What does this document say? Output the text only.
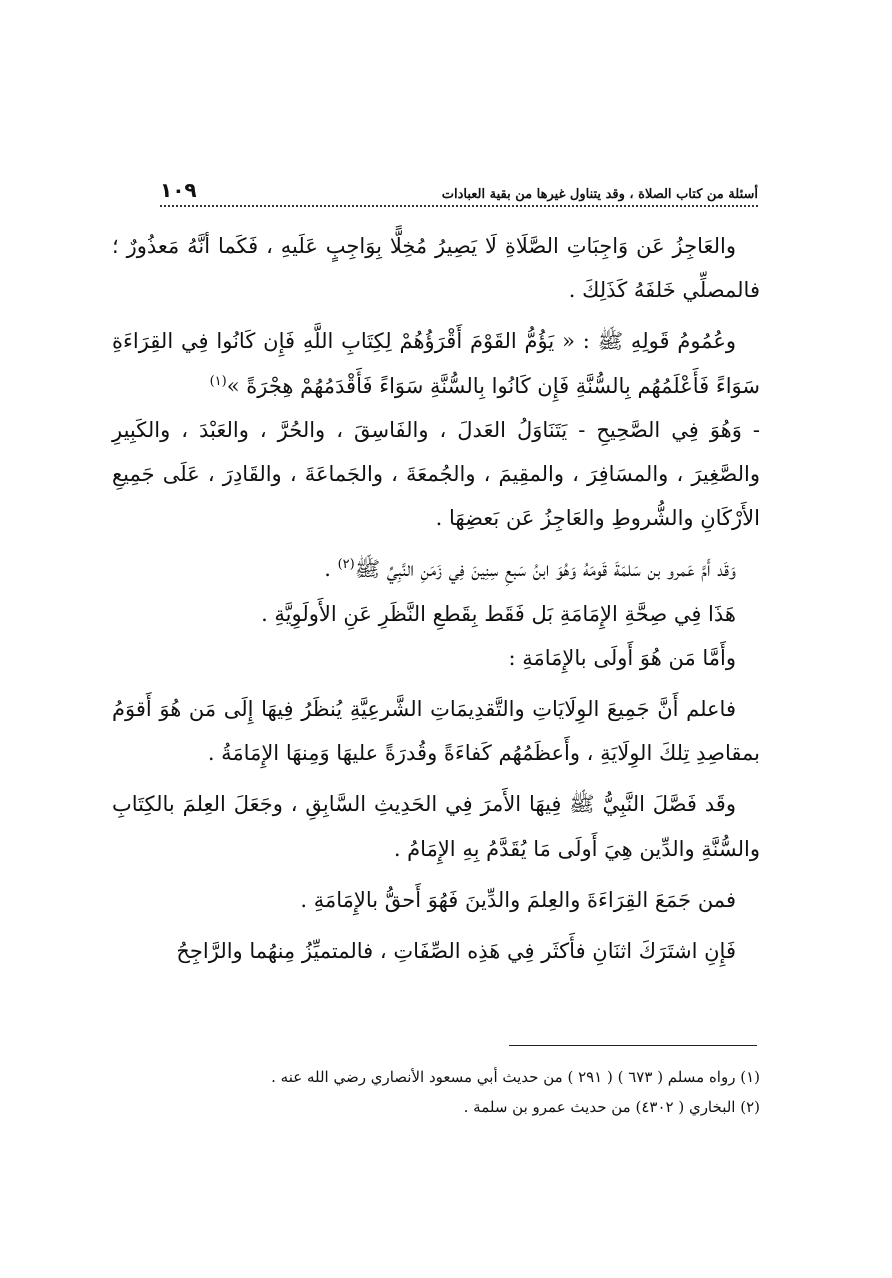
أسئلة من كتاب الصلاة ، وقد يتناول غيرها من بقية العبادات
١٠٩

والعَاجِزُ عَن وَاجِبَاتِ الصَّلَاةِ لَا يَصِيرُ مُخِلًّا بِوَاجِبٍ عَلَيهِ ، فَكَما أنَّهُ مَعذُورٌ ؛ فالمصلِّي خَلفَهُ كَذَلِكَ .

وعُمُومُ قَولِهِ ﷺ : « يَؤُمُّ القَوْمَ أَقْرَؤُهُمْ لِكِتَابِ اللَّهِ فَإِن كَانُوا فِي القِرَاءَةِ سَوَاءً فَأَعْلَمُهُم بِالسُّنَّةِ فَإِن كَانُوا بِالسُّنَّةِ سَوَاءً فَأَقْدَمُهُمْ هِجْرَةً »$^{(١)}$

- وَهُوَ فِي الصَّحِيحِ - يَتَنَاوَلُ العَدلَ ، والفَاسِقَ ، والحُرَّ ، والعَبْدَ ، والكَبِيرِ والصَّغِيرَ ، والمسَافِرَ ، والمقِيمَ ، والجُمعَةَ ، والجَماعَةَ ، والقَادِرَ ، عَلَى جَمِيعِ الأَرْكَانِ والشُّروطِ والعَاجِزُ عَن بَعضِهَا .

وَقَد أَمَّ عَمرو بن سَلمَةَ قَومَهُ وَهُوَ ابنُ سَبعِ سِنِينَ فِي زَمَنِ النَّبِيِّ ﷺ$^{(٢)}$ .

هَذَا فِي صِحَّةِ الإِمَامَةِ بَل فَقَط بِقَطعِ النَّظَرِ عَنِ الأَولَوِيَّةِ .

وأَمَّا مَن هُوَ أَولَى بالإِمَامَةِ :

فاعلم أَنَّ جَمِيعَ الوِلَايَاتِ والتَّقدِيمَاتِ الشَّرعِيَّةِ يُنظَرُ فِيهَا إِلَى مَن هُوَ أَقوَمُ بمقاصِدِ تِلكَ الوِلَايَةِ ، وأَعظَمُهُم كَفاءَةً وقُدرَةً عليهَا وَمِنهَا الإِمَامَةُ .

وقَد فَصَّلَ النَّبِيُّ ﷺ فِيهَا الأَمرَ فِي الحَدِيثِ السَّابِقِ ، وجَعَلَ العِلمَ بالكِتَابِ والسُّنَّةِ والدِّين هِيَ أَولَى مَا يُقَدَّمُ بِهِ الإِمَامُ .

فمن جَمَعَ القِرَاءَةَ والعِلمَ والدِّينَ فَهُوَ أَحقُّ بالإِمَامَةِ .

فَإِنِ اشتَرَكَ اثنَانِ فأَكثَر فِي هَذِه الصِّفَاتِ ، فالمتميِّزُ مِنهُما والرَّاجِحُ

(١) رواه مسلم ( ٦٧٣ ) ( ٢٩١ ) من حديث أبي مسعود الأنصاري رضي الله عنه .

(٢) البخاري ( ٤٣٠٢) من حديث عمرو بن سلمة .
